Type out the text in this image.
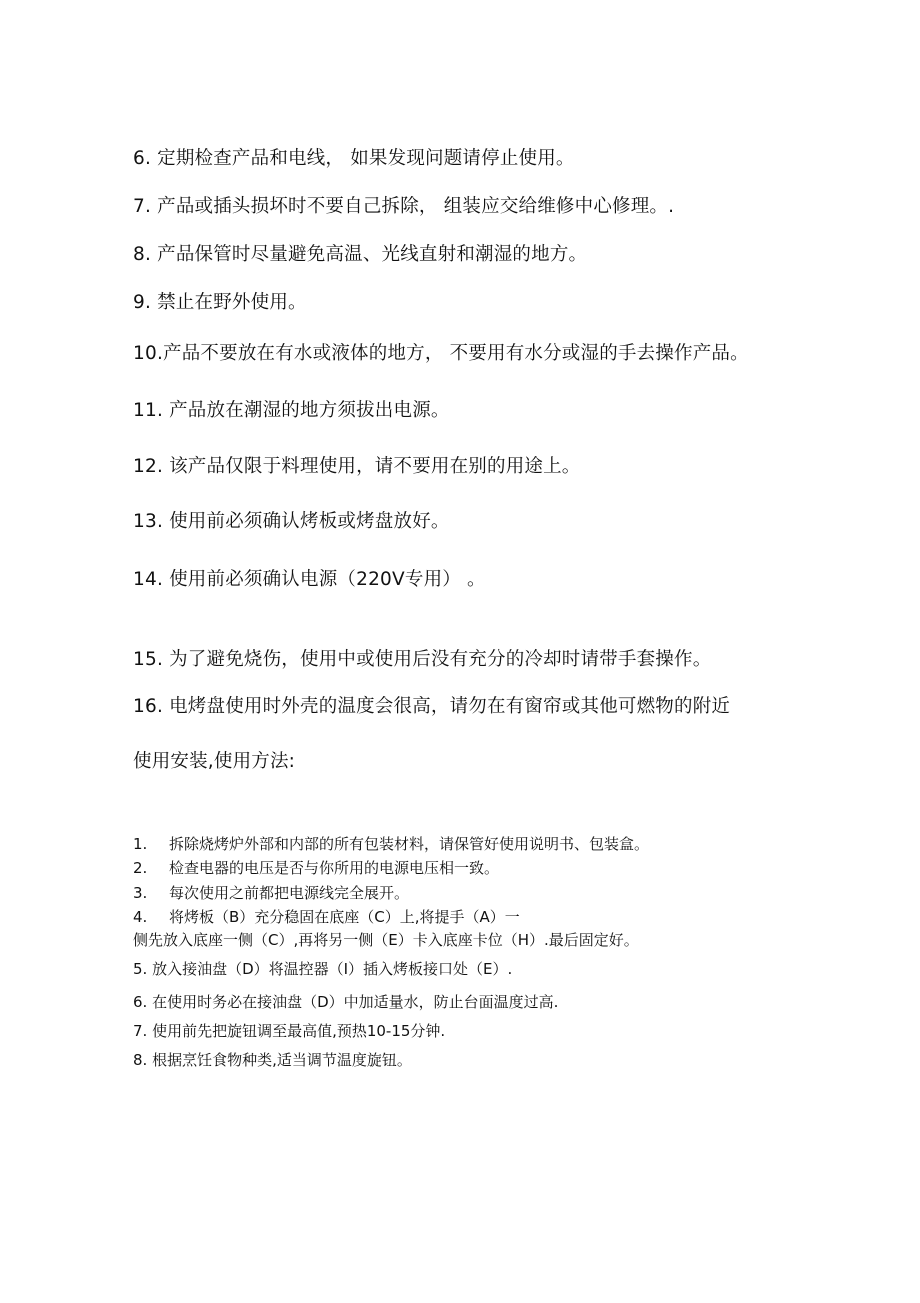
6. 定期检查产品和电线， 如果发现问题请停止使用。
7. 产品或插头损坏时不要自己拆除， 组装应交给维修中心修理。.
8. 产品保管时尽量避免高温、光线直射和潮湿的地方。
9. 禁止在野外使用。
10.产品不要放在有水或液体的地方， 不要用有水分或湿的手去操作产品。
11. 产品放在潮湿的地方须拔出电源。
12. 该产品仅限于料理使用，请不要用在别的用途上。
13. 使用前必须确认烤板或烤盘放好。
14. 使用前必须确认电源（220V专用） 。
15. 为了避免烧伤，使用中或使用后没有充分的冷却时请带手套操作。
16. 电烤盘使用时外壳的温度会很高，请勿在有窗帘或其他可燃物的附近
使用安装,使用方法:
1. 拆除烧烤炉外部和内部的所有包装材料，请保管好使用说明书、包装盒。
2. 检查电器的电压是否与你所用的电源电压相一致。
3. 每次使用之前都把电源线完全展开。
4. 将烤板（B）充分稳固在底座（C）上,将提手（A）一
侧先放入底座一侧（C）,再将另一侧（E）卡入底座卡位（H）.最后固定好。
5. 放入接油盘（D）将温控器（I）插入烤板接口处（E）.
6. 在使用时务必在接油盘（D）中加适量水，防止台面温度过高.
7. 使用前先把旋钮调至最高值,预热10-15分钟.
8. 根据烹饪食物种类,适当调节温度旋钮。
